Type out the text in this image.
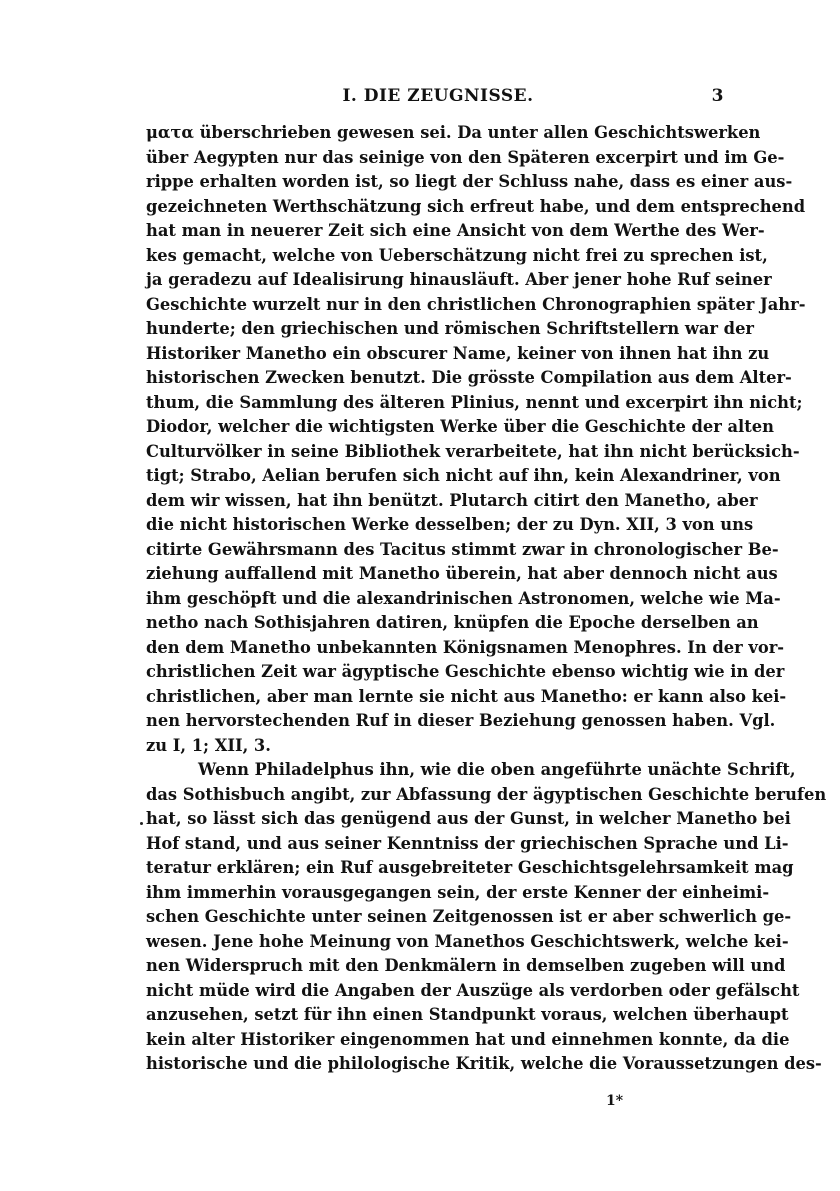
I. DIE ZEUGNISSE.	3
ματα überschrieben gewesen sei. Da unter allen Geschichtswerken
über Aegypten nur das seinige von den Späteren excerpirt und im Ge-
rippe erhalten worden ist, so liegt der Schluss nahe, dass es einer aus-
gezeichneten Werthschätzung sich erfreut habe, und dem entsprechend
hat man in neuerer Zeit sich eine Ansicht von dem Werthe des Wer-
kes gemacht, welche von Ueberschätzung nicht frei zu sprechen ist,
ja geradezu auf Idealisirung hinausläuft. Aber jener hohe Ruf seiner
Geschichte wurzelt nur in den christlichen Chronographien später Jahr-
hunderte; den griechischen und römischen Schriftstellern war der
Historiker Manetho ein obscurer Name, keiner von ihnen hat ihn zu
historischen Zwecken benutzt. Die grösste Compilation aus dem Alter-
thum, die Sammlung des älteren Plinius, nennt und excerpirt ihn nicht;
Diodor, welcher die wichtigsten Werke über die Geschichte der alten
Culturvölker in seine Bibliothek verarbeitete, hat ihn nicht berücksich-
tigt; Strabo, Aelian berufen sich nicht auf ihn, kein Alexandriner, von
dem wir wissen, hat ihn benützt. Plutarch citirt den Manetho, aber
die nicht historischen Werke desselben; der zu Dyn. XII, 3 von uns
citirte Gewährsmann des Tacitus stimmt zwar in chronologischer Be-
ziehung auffallend mit Manetho überein, hat aber dennoch nicht aus
ihm geschöpft und die alexandrinischen Astronomen, welche wie Ma-
netho nach Sothisjahren datiren, knüpfen die Epoche derselben an
den dem Manetho unbekannten Königsnamen Menophres. In der vor-
christlichen Zeit war ägyptische Geschichte ebenso wichtig wie in der
christlichen, aber man lernte sie nicht aus Manetho: er kann also kei-
nen hervorstechenden Ruf in dieser Beziehung genossen haben. Vgl.
zu I, 1; XII, 3.
Wenn Philadelphus ihn, wie die oben angeführte unächte Schrift,
das Sothisbuch angibt, zur Abfassung der ägyptischen Geschichte berufen
hat, so lässt sich das genügend aus der Gunst, in welcher Manetho bei
Hof stand, und aus seiner Kenntniss der griechischen Sprache und Li-
teratur erklären; ein Ruf ausgebreiteter Geschichtsgelehrsamkeit mag
ihm immerhin vorausgegangen sein, der erste Kenner der einheimi-
schen Geschichte unter seinen Zeitgenossen ist er aber schwerlich ge-
wesen. Jene hohe Meinung von Manethos Geschichtswerk, welche kei-
nen Widerspruch mit den Denkmälern in demselben zugeben will und
nicht müde wird die Angaben der Auszüge als verdorben oder gefälscht
anzusehen, setzt für ihn einen Standpunkt voraus, welchen überhaupt
kein alter Historiker eingenommen hat und einnehmen konnte, da die
historische und die philologische Kritik, welche die Voraussetzungen des-
1*
